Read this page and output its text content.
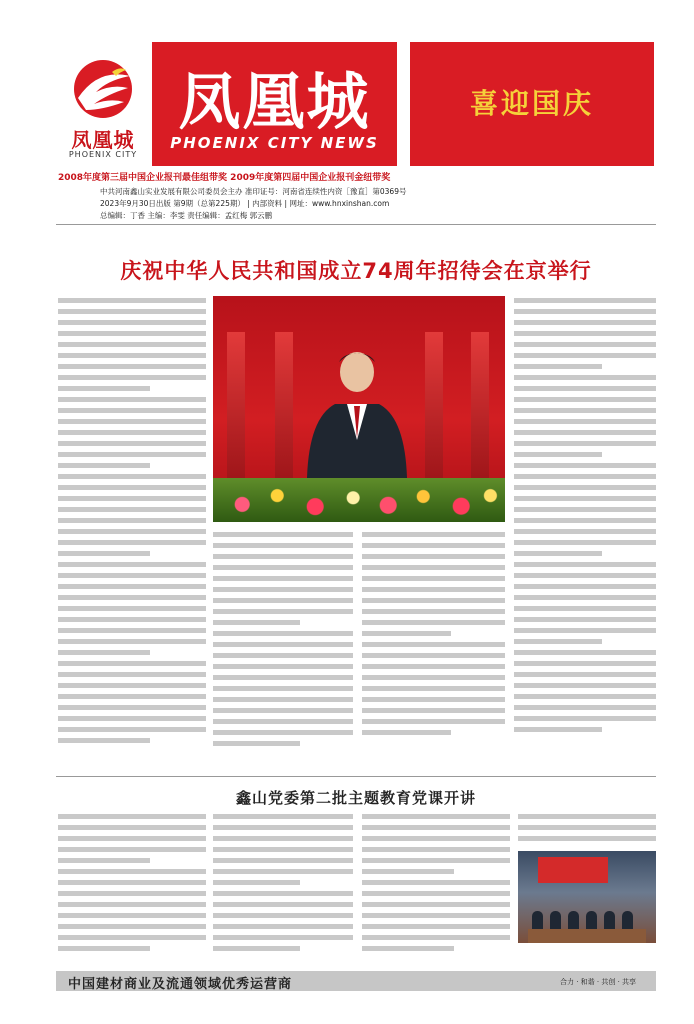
凤凰城
PHOENIX CITY
凤凰城
PHOENIX CITY NEWS
喜迎国庆
2008年度第三届中国企业报刊最佳组带奖 2009年度第四届中国企业报刊金纽带奖
中共河南鑫山实业发展有限公司委员会主办 准印证号：河南省连续性内资［豫直］第0369号
2023年9月30日出版 第9期（总第225期） | 内部资料 | 网址：www.hnxinshan.com
总编辑：丁香 主编：李雯 责任编辑：孟红梅 郭云鹏
庆祝中华人民共和国成立74周年招待会在京举行
鑫山党委第二批主题教育党课开讲
中国建材商业及流通领域优秀运营商	合力 · 和谐 · 共创 · 共享
